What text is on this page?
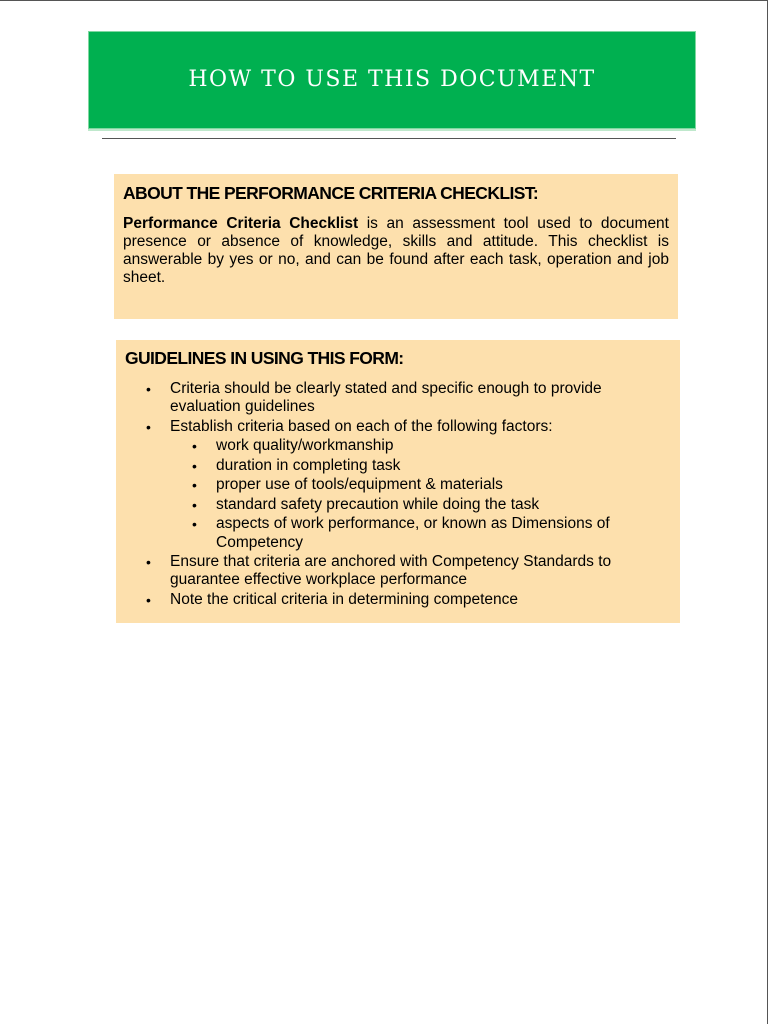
HOW TO USE THIS DOCUMENT
ABOUT THE PERFORMANCE CRITERIA CHECKLIST:

Performance Criteria Checklist is an assessment tool used to document presence or absence of knowledge, skills and attitude. This checklist is answerable by yes or no, and can be found after each task, operation and job sheet.

GUIDELINES IN USING THIS FORM:
• Criteria should be clearly stated and specific enough to provide evaluation guidelines
• Establish criteria based on each of the following factors:
• work quality/workmanship
• duration in completing task
• proper use of tools/equipment & materials
• standard safety precaution while doing the task
• aspects of work performance, or known as Dimensions of Competency
• Ensure that criteria are anchored with Competency Standards to guarantee effective workplace performance
• Note the critical criteria in determining competence
